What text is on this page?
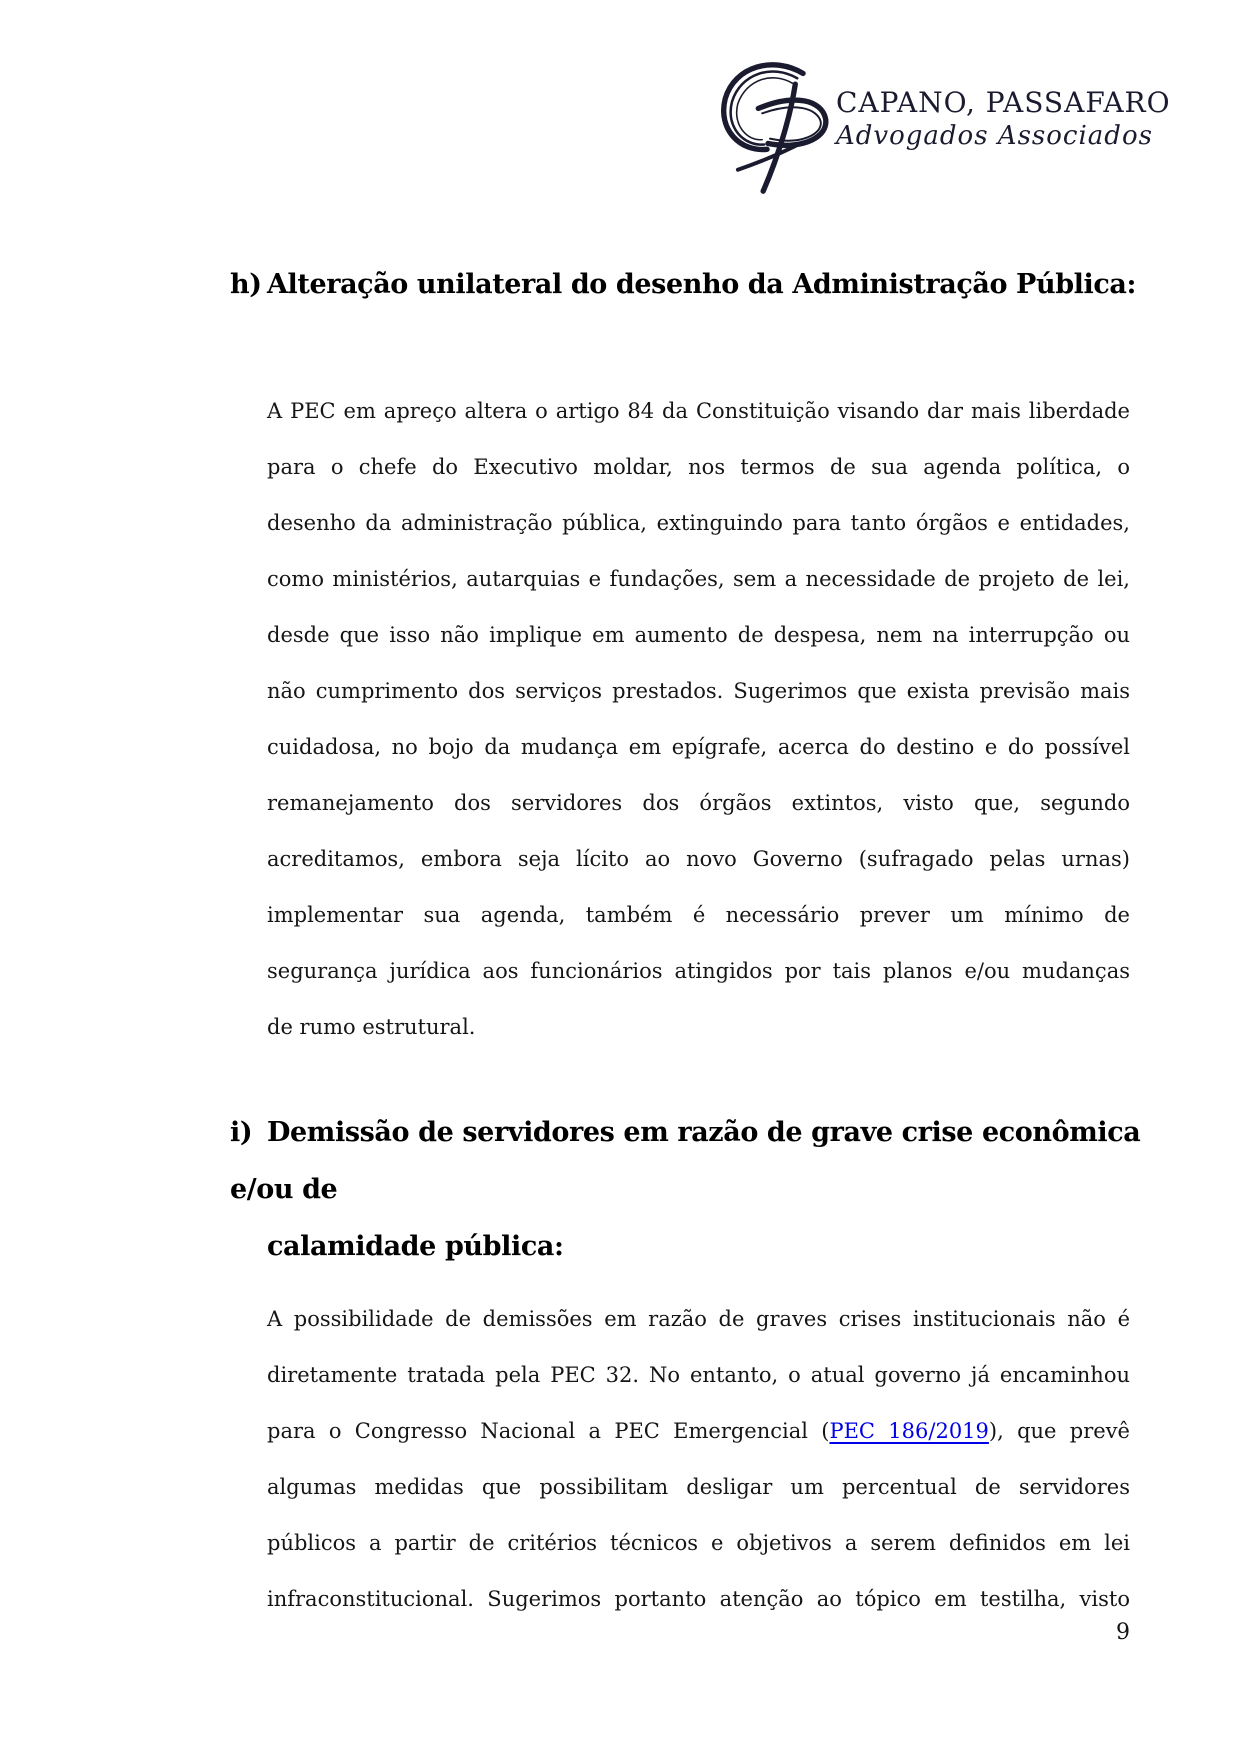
CAPANO, PASSAFARO
Advogados Associados
h) Alteração unilateral do desenho da Administração Pública:
A PEC em apreço altera o artigo 84 da Constituição visando dar mais liberdade
para o chefe do Executivo moldar, nos termos de sua agenda política, o
desenho da administração pública, extinguindo para tanto órgãos e entidades,
como ministérios, autarquias e fundações, sem a necessidade de projeto de lei,
desde que isso não implique em aumento de despesa, nem na interrupção ou
não cumprimento dos serviços prestados. Sugerimos que exista previsão mais
cuidadosa, no bojo da mudança em epígrafe, acerca do destino e do possível
remanejamento dos servidores dos órgãos extintos, visto que, segundo
acreditamos, embora seja lícito ao novo Governo (sufragado pelas urnas)
implementar sua agenda, também é necessário prever um mínimo de
segurança jurídica aos funcionários atingidos por tais planos e/ou mudanças
de rumo estrutural.
i) Demissão de servidores em razão de grave crise econômica e/ou de
calamidade pública:
A possibilidade de demissões em razão de graves crises institucionais não é
diretamente tratada pela PEC 32. No entanto, o atual governo já encaminhou
para o Congresso Nacional a PEC Emergencial (PEC 186/2019), que prevê
algumas medidas que possibilitam desligar um percentual de servidores
públicos a partir de critérios técnicos e objetivos a serem definidos em lei
infraconstitucional. Sugerimos portanto atenção ao tópico em testilha, visto
9
